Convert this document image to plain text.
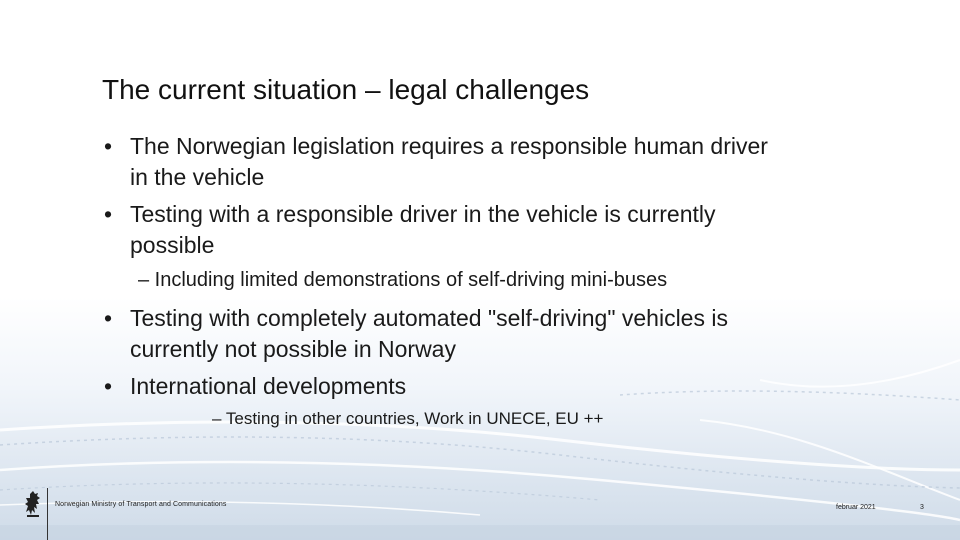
The current situation – legal challenges
• The Norwegian legislation requires a responsible human driver
in the vehicle
• Testing with a responsible driver in the vehicle is currently
possible
– Including limited demonstrations of self-driving mini-buses
• Testing with completely automated "self-driving" vehicles is
currently not possible in Norway
• International developments
– Testing in other countries, Work in UNECE, EU ++
Norwegian Ministry of Transport and Communications	februar 2021	3
